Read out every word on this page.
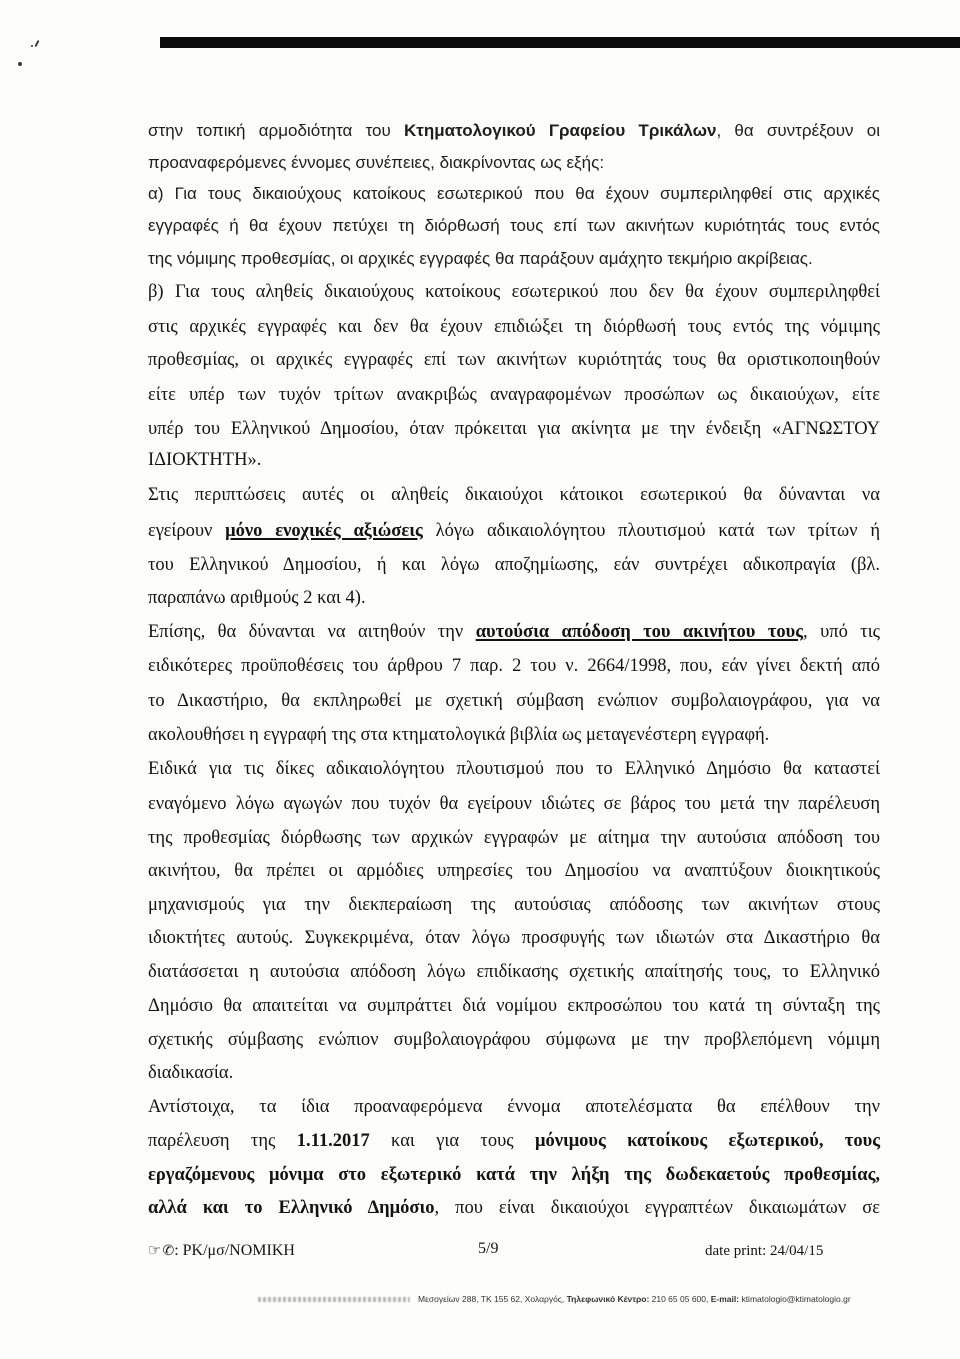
στην τοπική αρμοδιότητα του Κτηματολογικού Γραφείου Τρικάλων, θα συντρέξουν οι
προαναφερόμενες έννομες συνέπειες, διακρίνοντας ως εξής:
α) Για τους δικαιούχους κατοίκους εσωτερικού που θα έχουν συμπεριληφθεί στις αρχικές
εγγραφές ή θα έχουν πετύχει τη διόρθωσή τους επί των ακινήτων κυριότητάς τους εντός
της νόμιμης προθεσμίας, οι αρχικές εγγραφές θα παράξουν αμάχητο τεκμήριο ακρίβειας.
β) Για τους αληθείς δικαιούχους κατοίκους εσωτερικού που δεν θα έχουν συμπεριληφθεί
στις αρχικές εγγραφές και δεν θα έχουν επιδιώξει τη διόρθωσή τους εντός της νόμιμης
προθεσμίας, οι αρχικές εγγραφές επί των ακινήτων κυριότητάς τους θα οριστικοποιηθούν
είτε υπέρ των τυχόν τρίτων ανακριβώς αναγραφομένων προσώπων ως δικαιούχων, είτε
υπέρ του Ελληνικού Δημοσίου, όταν πρόκειται για ακίνητα με την ένδειξη «ΑΓΝΩΣΤΟΥ
ΙΔΙΟΚΤΗΤΗ».
Στις περιπτώσεις αυτές οι αληθείς δικαιούχοι κάτοικοι εσωτερικού θα δύνανται να
εγείρουν μόνο ενοχικές αξιώσεις λόγω αδικαιολόγητου πλουτισμού κατά των τρίτων ή
του Ελληνικού Δημοσίου, ή και λόγω αποζημίωσης, εάν συντρέχει αδικοπραγία (βλ.
παραπάνω αριθμούς 2 και 4).
Επίσης, θα δύνανται να αιτηθούν την αυτούσια απόδοση του ακινήτου τους, υπό τις
ειδικότερες προϋποθέσεις του άρθρου 7 παρ. 2 του ν. 2664/1998, που, εάν γίνει δεκτή από
το Δικαστήριο, θα εκπληρωθεί με σχετική σύμβαση ενώπιον συμβολαιογράφου, για να
ακολουθήσει η εγγραφή της στα κτηματολογικά βιβλία ως μεταγενέστερη εγγραφή.
Ειδικά για τις δίκες αδικαιολόγητου πλουτισμού που το Ελληνικό Δημόσιο θα καταστεί
εναγόμενο λόγω αγωγών που τυχόν θα εγείρουν ιδιώτες σε βάρος του μετά την παρέλευση
της προθεσμίας διόρθωσης των αρχικών εγγραφών με αίτημα την αυτούσια απόδοση του
ακινήτου, θα πρέπει οι αρμόδιες υπηρεσίες του Δημοσίου να αναπτύξουν διοικητικούς
μηχανισμούς για την διεκπεραίωση της αυτούσιας απόδοσης των ακινήτων στους
ιδιοκτήτες αυτούς. Συγκεκριμένα, όταν λόγω προσφυγής των ιδιωτών στα Δικαστήριο θα
διατάσσεται η αυτούσια απόδοση λόγω επιδίκασης σχετικής απαίτησής τους, το Ελληνικό
Δημόσιο θα απαιτείται να συμπράττει διά νομίμου εκπροσώπου του κατά τη σύνταξη της
σχετικής σύμβασης ενώπιον συμβολαιογράφου σύμφωνα με την προβλεπόμενη νόμιμη
διαδικασία.
Αντίστοιχα, τα ίδια προαναφερόμενα έννομα αποτελέσματα θα επέλθουν την
παρέλευση της 1.11.2017 και για τους μόνιμους κατοίκους εξωτερικού, τους
εργαζόμενους μόνιμα στο εξωτερικό κατά την λήξη της δωδεκαετούς προθεσμίας,
αλλά και το Ελληνικό Δημόσιο, που είναι δικαιούχοι εγγραπτέων δικαιωμάτων σε
☞✆: ΡΚ/μσ/ΝΟΜΙΚΗ	5/9	date print: 24/04/15
Μεσογείων 288, ΤΚ 155 62, Χολαργός, Τηλεφωνικό Κέντρο: 210 65 05 600, E-mail: ktimatologio@ktimatologio.gr
